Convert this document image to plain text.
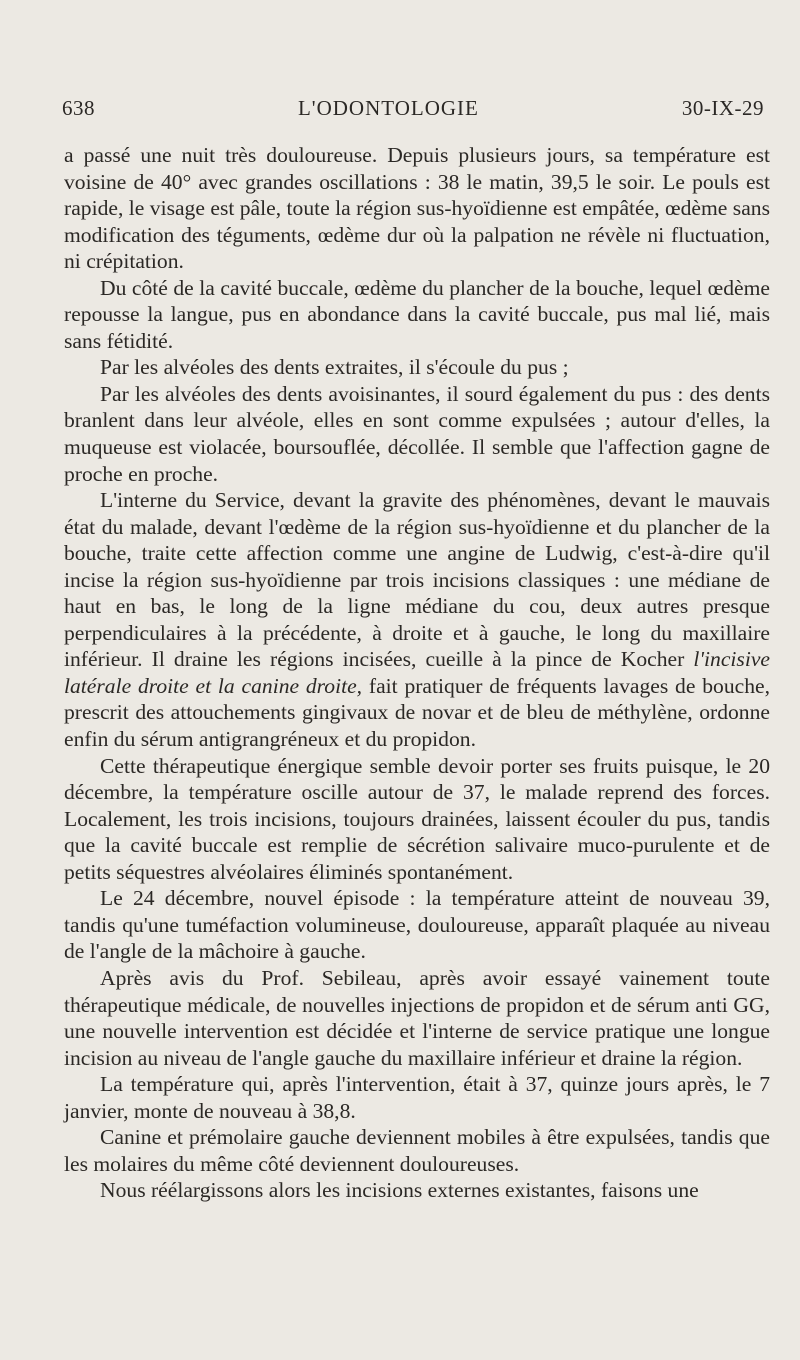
638	L'ODONTOLOGIE	30-IX-29

a passé une nuit très douloureuse. Depuis plusieurs jours, sa température est voisine de 40° avec grandes oscillations : 38 le matin, 39,5 le soir. Le pouls est rapide, le visage est pâle, toute la région sus-hyoïdienne est empâtée, œdème sans modification des téguments, œdème dur où la palpation ne révèle ni fluctuation, ni crépitation.

Du côté de la cavité buccale, œdème du plancher de la bouche, lequel œdème repousse la langue, pus en abondance dans la cavité buccale, pus mal lié, mais sans fétidité.

Par les alvéoles des dents extraites, il s'écoule du pus ;

Par les alvéoles des dents avoisinantes, il sourd également du pus : des dents branlent dans leur alvéole, elles en sont comme expulsées ; autour d'elles, la muqueuse est violacée, boursouflée, décollée. Il semble que l'affection gagne de proche en proche.

L'interne du Service, devant la gravite des phénomènes, devant le mauvais état du malade, devant l'œdème de la région sus-hyoïdienne et du plancher de la bouche, traite cette affection comme une angine de Ludwig, c'est-à-dire qu'il incise la région sus-hyoïdienne par trois incisions classiques : une médiane de haut en bas, le long de la ligne médiane du cou, deux autres presque perpendiculaires à la précédente, à droite et à gauche, le long du maxillaire inférieur. Il draine les régions incisées, cueille à la pince de Kocher l'incisive latérale droite et la canine droite, fait pratiquer de fréquents lavages de bouche, prescrit des attouchements gingivaux de novar et de bleu de méthylène, ordonne enfin du sérum antigrangréneux et du propidon.

Cette thérapeutique énergique semble devoir porter ses fruits puisque, le 20 décembre, la température oscille autour de 37, le malade reprend des forces. Localement, les trois incisions, toujours drainées, laissent écouler du pus, tandis que la cavité buccale est remplie de sécrétion salivaire muco-purulente et de petits séquestres alvéolaires éliminés spontanément.

Le 24 décembre, nouvel épisode : la température atteint de nouveau 39, tandis qu'une tuméfaction volumineuse, douloureuse, apparaît plaquée au niveau de l'angle de la mâchoire à gauche.

Après avis du Prof. Sebileau, après avoir essayé vainement toute thérapeutique médicale, de nouvelles injections de propidon et de sérum anti GG, une nouvelle intervention est décidée et l'interne de service pratique une longue incision au niveau de l'angle gauche du maxillaire inférieur et draine la région.

La température qui, après l'intervention, était à 37, quinze jours après, le 7 janvier, monte de nouveau à 38,8.

Canine et prémolaire gauche deviennent mobiles à être expulsées, tandis que les molaires du même côté deviennent douloureuses.

Nous réélargissons alors les incisions externes existantes, faisons une
